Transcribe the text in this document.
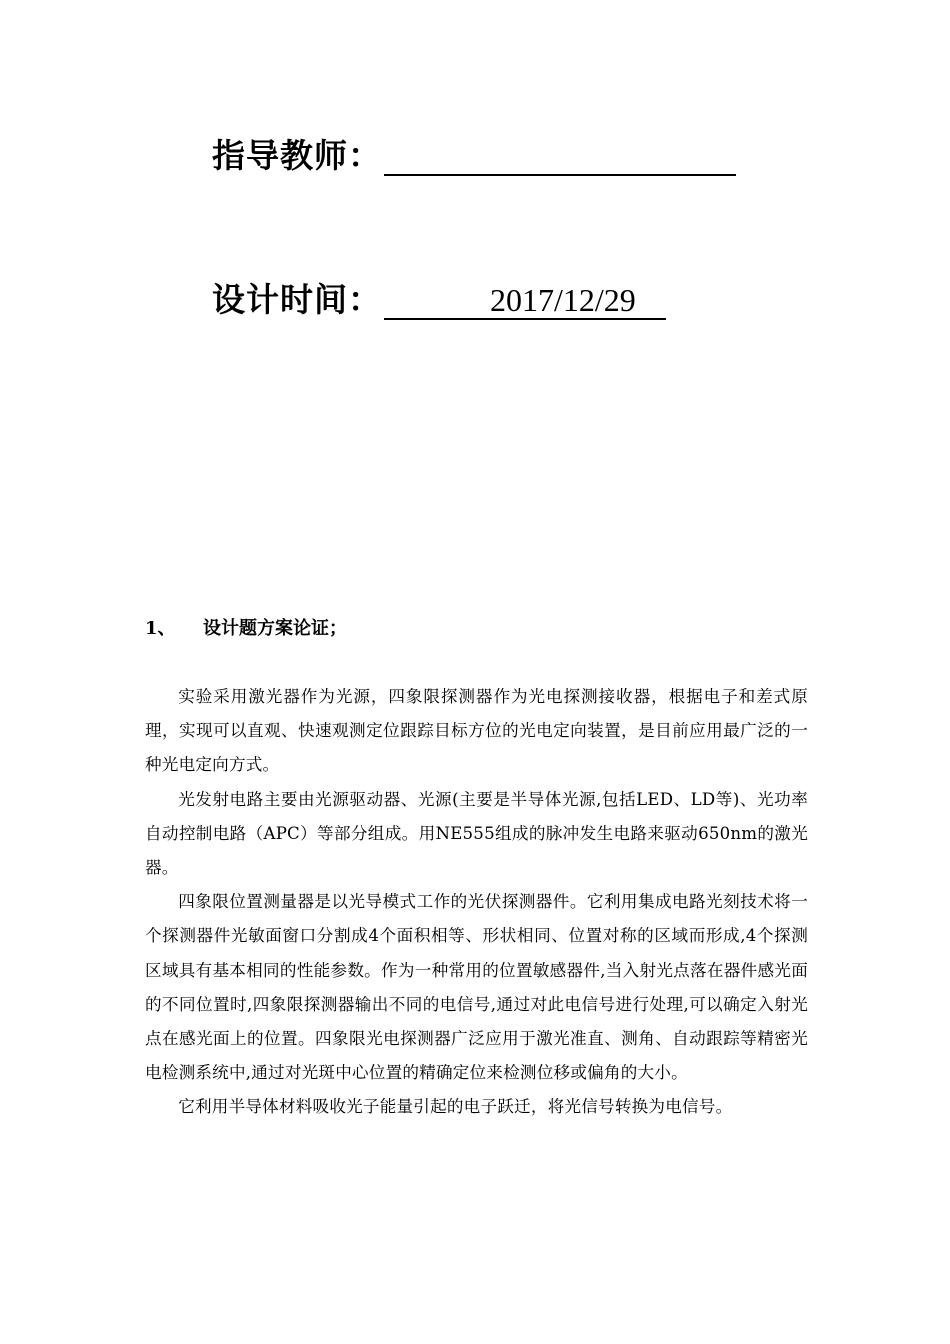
指导教师：
设计时间：	2017/12/29
1、	设计题方案论证；

实验采用激光器作为光源，四象限探测器作为光电探测接收器，根据电子和差式原理，实现可以直观、快速观测定位跟踪目标方位的光电定向装置，是目前应用最广泛的一种光电定向方式。

光发射电路主要由光源驱动器、光源(主要是半导体光源,包括LED、LD等)、光功率自动控制电路（APC）等部分组成。用NE555组成的脉冲发生电路来驱动650nm的激光器。

四象限位置测量器是以光导模式工作的光伏探测器件。它利用集成电路光刻技术将一个探测器件光敏面窗口分割成4个面积相等、形状相同、位置对称的区域而形成,4个探测区域具有基本相同的性能参数。作为一种常用的位置敏感器件,当入射光点落在器件感光面的不同位置时,四象限探测器输出不同的电信号,通过对此电信号进行处理,可以确定入射光点在感光面上的位置。四象限光电探测器广泛应用于激光准直、测角、自动跟踪等精密光电检测系统中,通过对光斑中心位置的精确定位来检测位移或偏角的大小。

它利用半导体材料吸收光子能量引起的电子跃迁，将光信号转换为电信号。
